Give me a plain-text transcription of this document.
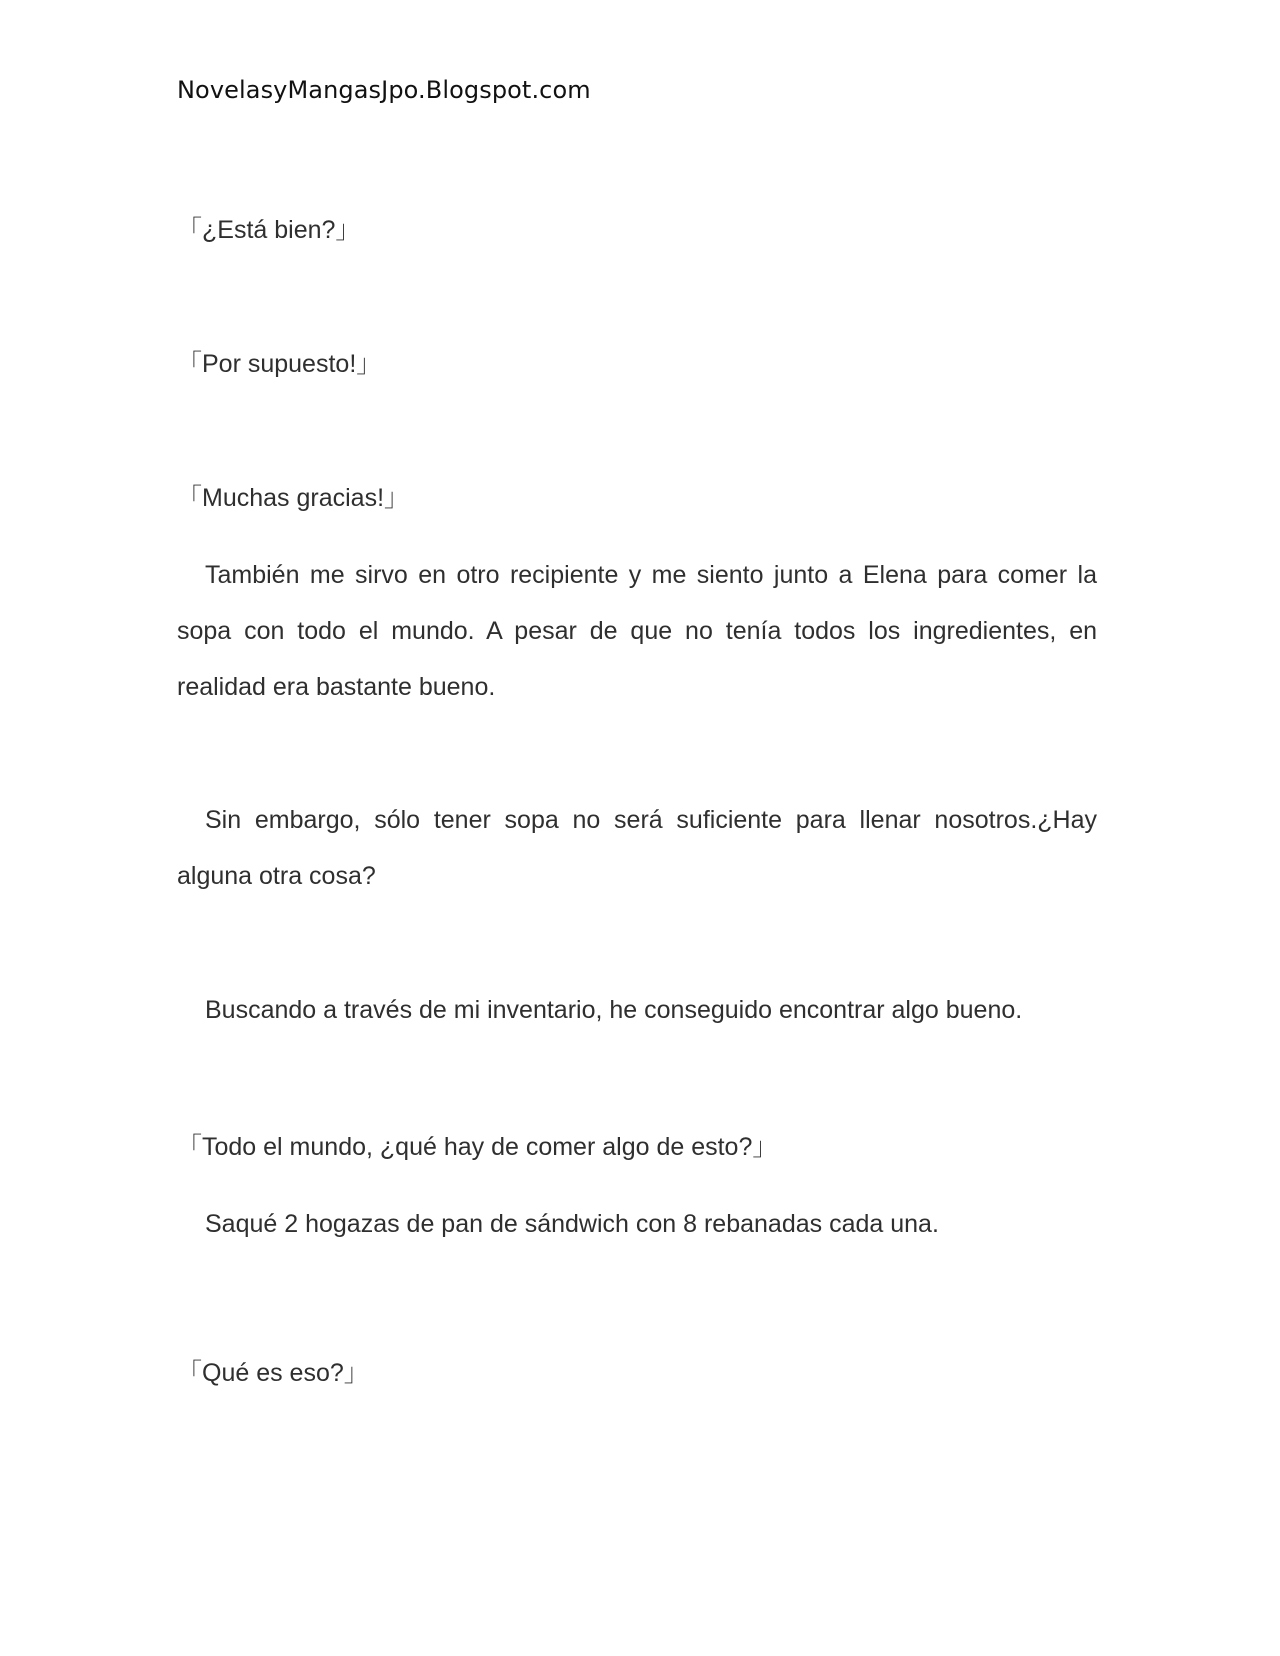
NovelasyMangasJpo.Blogspot.com

「¿Está bien?」

「Por supuesto!」

「Muchas gracias!」

También me sirvo en otro recipiente y me siento junto a Elena para comer la sopa con todo el mundo. A pesar de que no tenía todos los ingredientes, en realidad era bastante bueno.

Sin embargo, sólo tener sopa no será suficiente para llenar nosotros.¿Hay alguna otra cosa?

Buscando a través de mi inventario, he conseguido encontrar algo bueno.

「Todo el mundo, ¿qué hay de comer algo de esto?」

Saqué 2 hogazas de pan de sándwich con 8 rebanadas cada una.

「Qué es eso?」
